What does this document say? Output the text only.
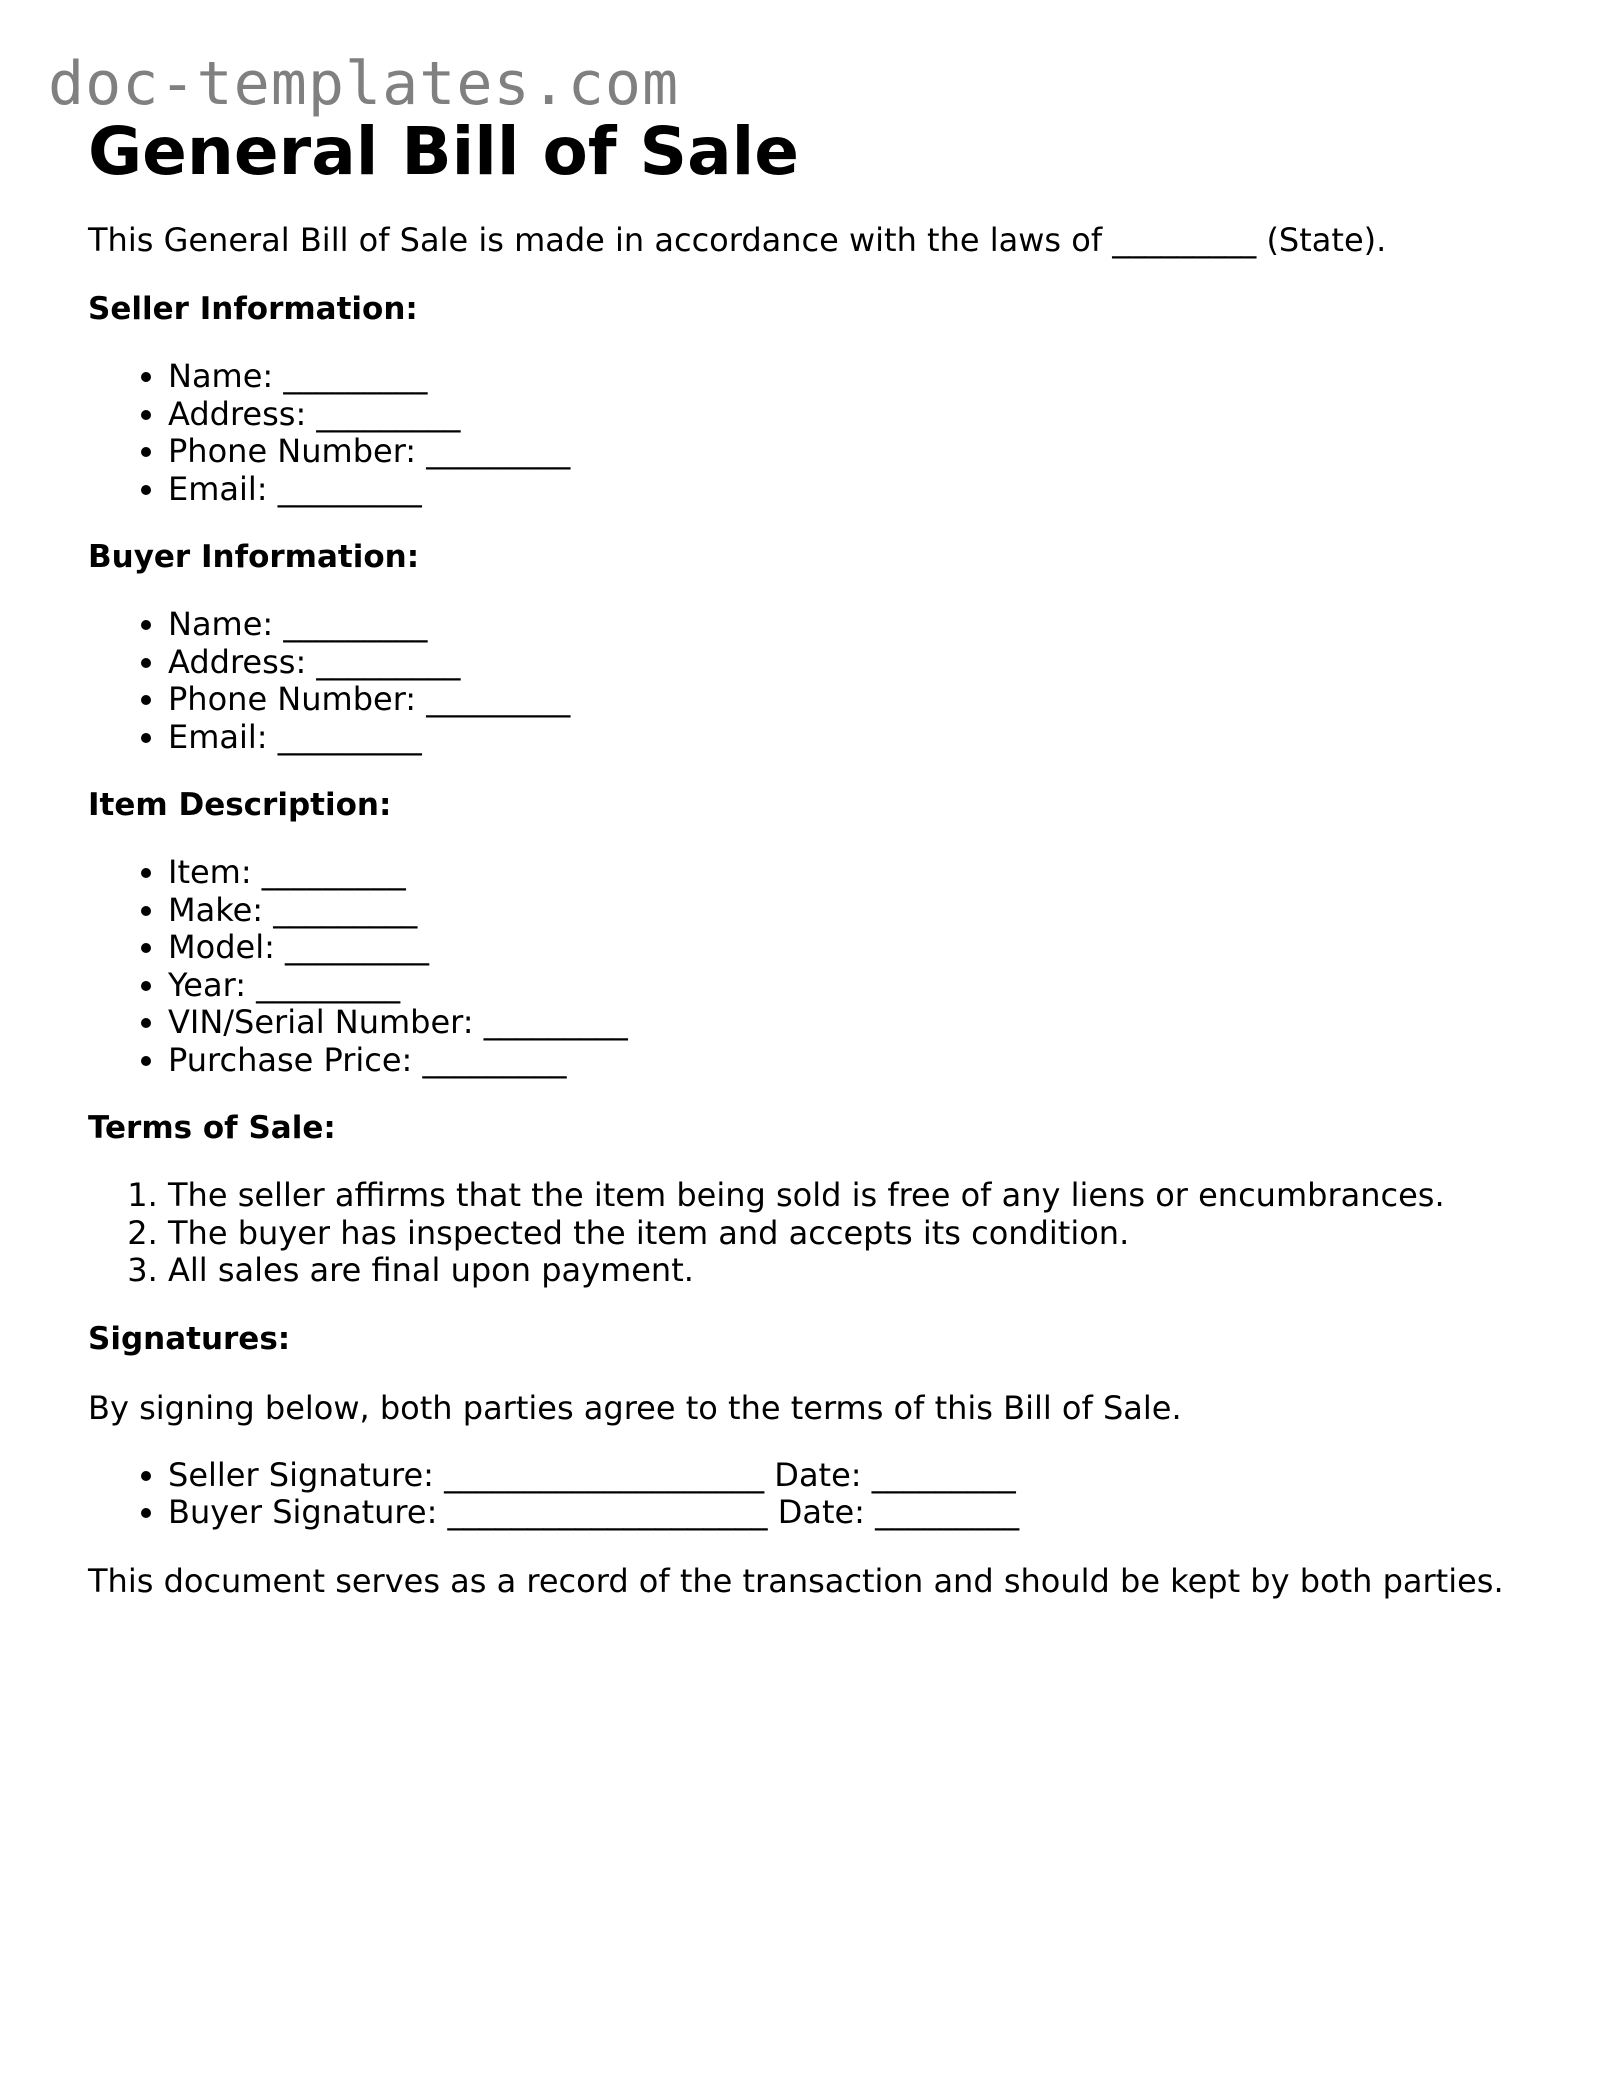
doc-templates.com
General Bill of Sale

This General Bill of Sale is made in accordance with the laws of _________ (State).

Seller Information:

• Name: _________
• Address: _________
• Phone Number: _________
• Email: _________

Buyer Information:

• Name: _________
• Address: _________
• Phone Number: _________
• Email: _________

Item Description:

• Item: _________
• Make: _________
• Model: _________
• Year: _________
• VIN/Serial Number: _________
• Purchase Price: _________

Terms of Sale:

1. The seller affirms that the item being sold is free of any liens or encumbrances.
2. The buyer has inspected the item and accepts its condition.
3. All sales are final upon payment.

Signatures:

By signing below, both parties agree to the terms of this Bill of Sale.

• Seller Signature: ____________________ Date: _________
• Buyer Signature: ____________________ Date: _________

This document serves as a record of the transaction and should be kept by both parties.
